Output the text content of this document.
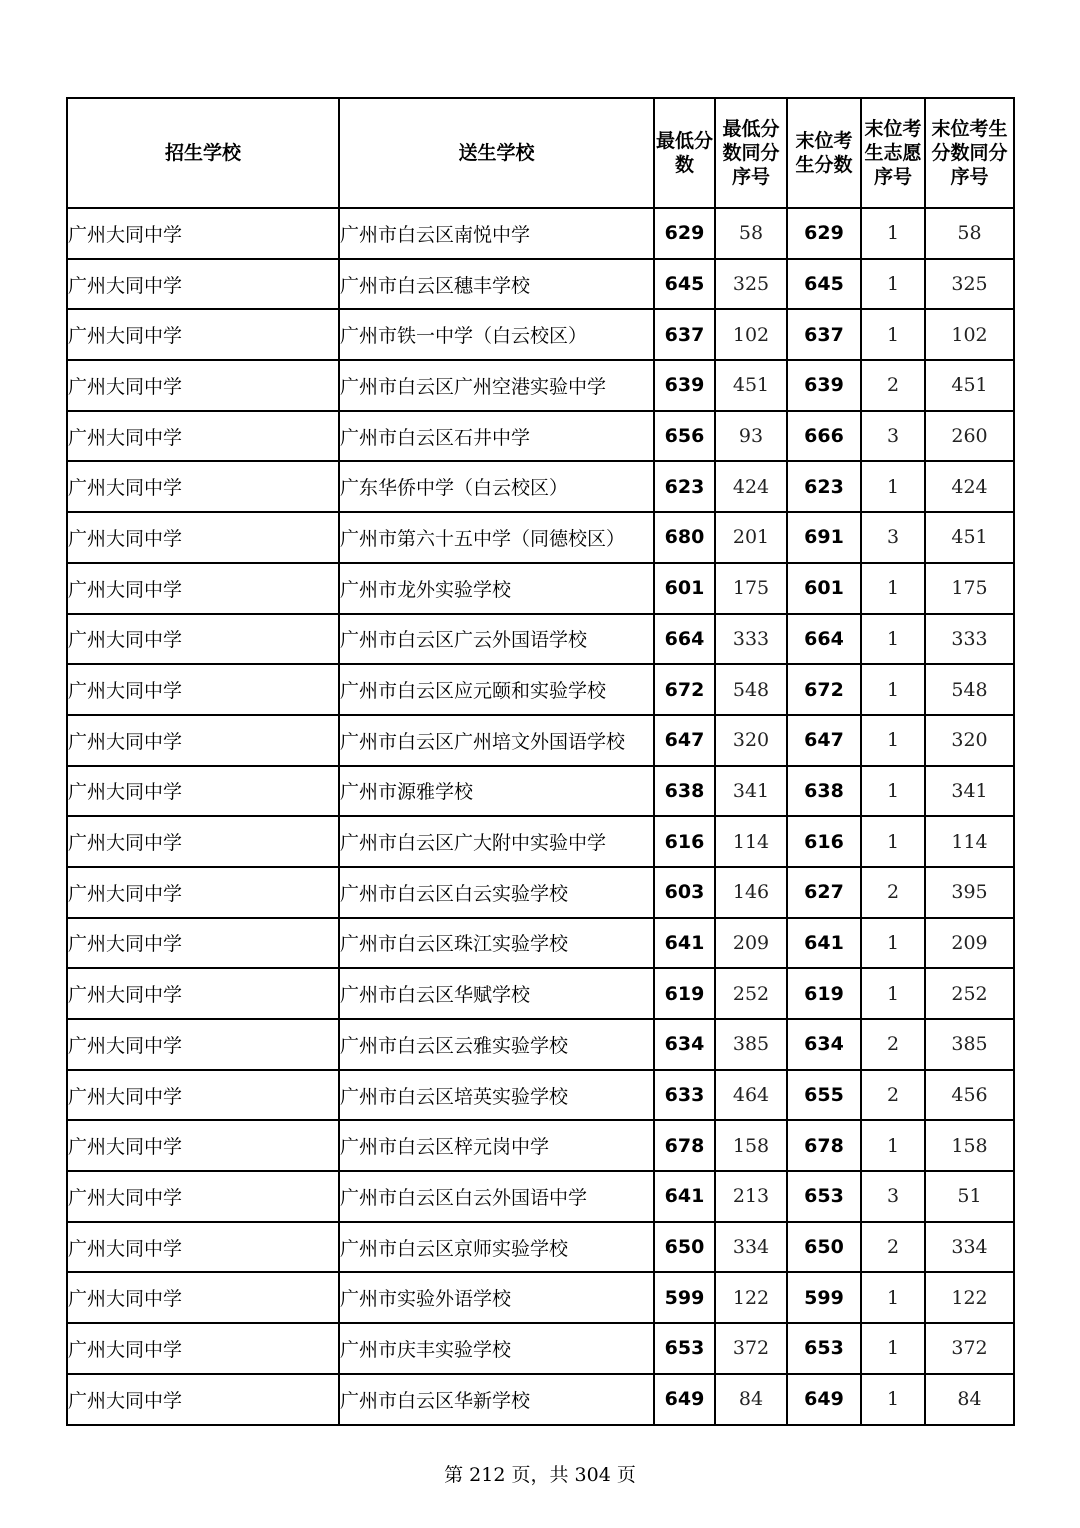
招生学校	送生学校	最低分数	最低分数同分序号	末位考生分数	末位考生志愿序号	末位考生分数同分序号
广州大同中学	广州市白云区南悦中学	629	58	629	1	58
广州大同中学	广州市白云区穗丰学校	645	325	645	1	325
广州大同中学	广州市铁一中学（白云校区）	637	102	637	1	102
广州大同中学	广州市白云区广州空港实验中学	639	451	639	2	451
广州大同中学	广州市白云区石井中学	656	93	666	3	260
广州大同中学	广东华侨中学（白云校区）	623	424	623	1	424
广州大同中学	广州市第六十五中学（同德校区）	680	201	691	3	451
广州大同中学	广州市龙外实验学校	601	175	601	1	175
广州大同中学	广州市白云区广云外国语学校	664	333	664	1	333
广州大同中学	广州市白云区应元颐和实验学校	672	548	672	1	548
广州大同中学	广州市白云区广州培文外国语学校	647	320	647	1	320
广州大同中学	广州市源雅学校	638	341	638	1	341
广州大同中学	广州市白云区广大附中实验中学	616	114	616	1	114
广州大同中学	广州市白云区白云实验学校	603	146	627	2	395
广州大同中学	广州市白云区珠江实验学校	641	209	641	1	209
广州大同中学	广州市白云区华赋学校	619	252	619	1	252
广州大同中学	广州市白云区云雅实验学校	634	385	634	2	385
广州大同中学	广州市白云区培英实验学校	633	464	655	2	456
广州大同中学	广州市白云区梓元岗中学	678	158	678	1	158
广州大同中学	广州市白云区白云外国语中学	641	213	653	3	51
广州大同中学	广州市白云区京师实验学校	650	334	650	2	334
广州大同中学	广州市实验外语学校	599	122	599	1	122
广州大同中学	广州市庆丰实验学校	653	372	653	1	372
广州大同中学	广州市白云区华新学校	649	84	649	1	84
第 212 页，共 304 页
